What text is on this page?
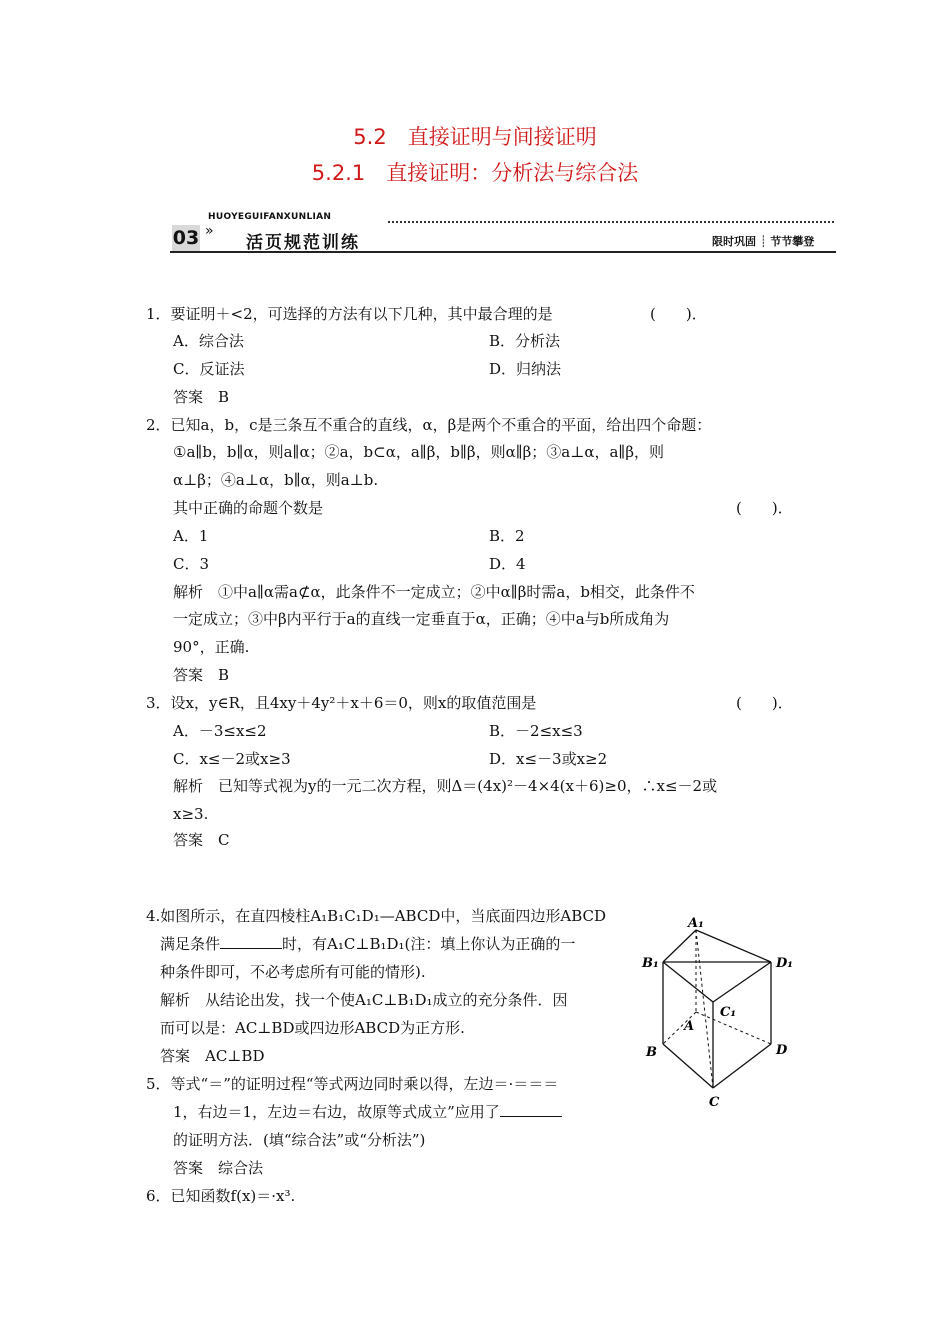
5.2　直接证明与间接证明
5.2.1　直接证明：分析法与综合法
HUOYEGUIFANXUNLIAN
03 »
活页规范训练	限时巩固 ┊ 节节攀登
1．要证明＋<2，可选择的方法有以下几种，其中最合理的是	(　　)．
A．综合法	B．分析法
C．反证法	D．归纳法
答案　B
2．已知a，b，c是三条互不重合的直线，α，β是两个不重合的平面，给出四个命题：
①a∥b，b∥α，则a∥α；②a，b⊂α，a∥β，b∥β，则α∥β；③a⊥α，a∥β，则
α⊥β；④a⊥α，b∥α，则a⊥b.
其中正确的命题个数是	(　　)．
A．1	B．2
C．3	D．4
解析　①中a∥α需a⊄α，此条件不一定成立；②中α∥β时需a，b相交，此条件不
一定成立；③中β内平行于a的直线一定垂直于α，正确；④中a与b所成角为
90°，正确.
答案　B
3．设x，y∈R，且4xy＋4y²＋x＋6＝0，则x的取值范围是	(　　)．
A．－3≤x≤2	B．－2≤x≤3
C．x≤－2或x≥3	D．x≤－3或x≥2
解析　已知等式视为y的一元二次方程，则Δ＝(4x)²－4×4(x＋6)≥0，∴x≤－2或
x≥3.
答案　C
4.如图所示，在直四棱柱A₁B₁C₁D₁—ABCD中，当底面四边形ABCD
满足条件	时，有A₁C⊥B₁D₁(注：填上你认为正确的一
种条件即可，不必考虑所有可能的情形).
解析　从结论出发，找一个使A₁C⊥B₁D₁成立的充分条件．因
而可以是：AC⊥BD或四边形ABCD为正方形.
答案　AC⊥BD
A₁
B₁
C₁
D₁
A
B
C
D
5．等式“＝”的证明过程“等式两边同时乘以得，左边＝·＝＝＝
1，右边＝1，左边＝右边，故原等式成立”应用了
的证明方法．(填“综合法”或“分析法”)
答案　综合法
6．已知函数f(x)＝·x³.
